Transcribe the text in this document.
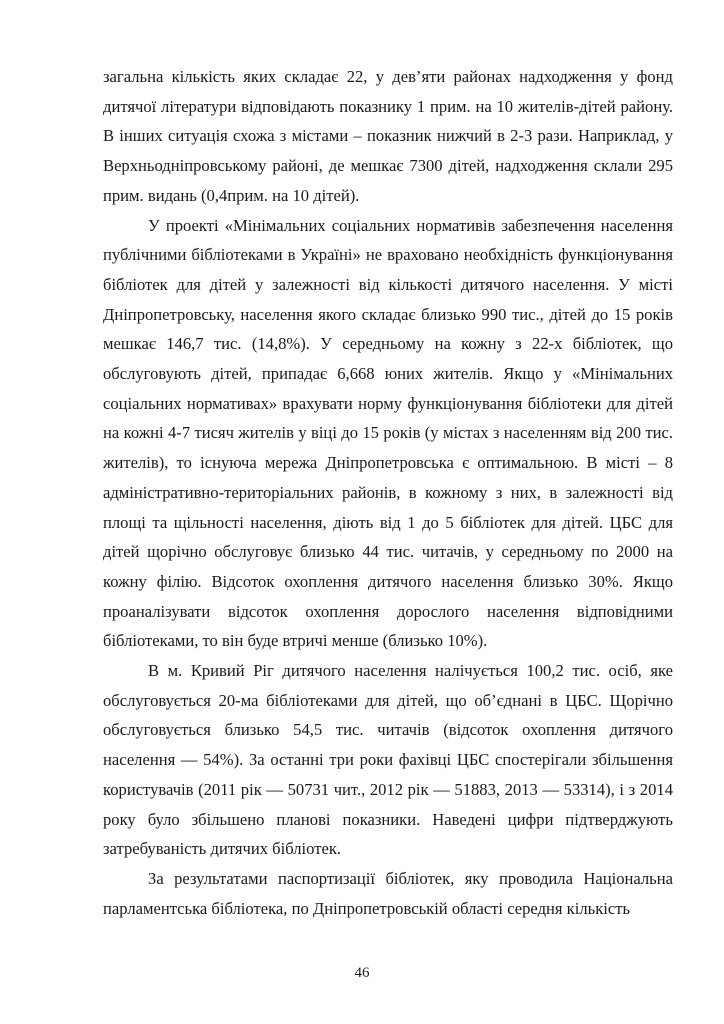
загальна кількість яких складає 22, у дев’яти районах надходження у фонд дитячої літератури відповідають показнику 1 прим. на 10 жителів-дітей району. В інших ситуація схожа з містами – показник нижчий в 2-3 рази. Наприклад, у Верхньодніпровському районі, де мешкає 7300 дітей, надходження склали 295 прим. видань (0,4прим. на 10 дітей).

У проекті «Мінімальних соціальних нормативів забезпечення населення публічними бібліотеками в Україні» не враховано необхідність функціонування бібліотек для дітей у залежності від кількості дитячого населення. У місті Дніпропетровську, населення якого складає близько 990 тис., дітей до 15 років мешкає 146,7 тис. (14,8%). У середньому на кожну з 22-х бібліотек, що обслуговують дітей, припадає 6,668 юних жителів. Якщо у «Мінімальних соціальних нормативах» врахувати норму функціонування бібліотеки для дітей на кожні 4-7 тисяч жителів у віці до 15 років (у містах з населенням від 200 тис. жителів), то існуюча мережа Дніпропетровська є оптимальною. В місті – 8 адміністративно-територіальних районів, в кожному з них, в залежності від площі та щільності населення, діють від 1 до 5 бібліотек для дітей. ЦБС для дітей щорічно обслуговує близько 44 тис. читачів, у середньому по 2000 на кожну філію. Відсоток охоплення дитячого населення близько 30%. Якщо проаналізувати відсоток охоплення дорослого населення відповідними бібліотеками, то він буде втричі менше (близько 10%).

В м. Кривий Ріг дитячого населення налічується 100,2 тис. осіб, яке обслуговується 20-ма бібліотеками для дітей, що об’єднані в ЦБС. Щорічно обслуговується близько 54,5 тис. читачів (відсоток охоплення дитячого населення — 54%). За останні три роки фахівці ЦБС спостерігали збільшення користувачів (2011 рік — 50731 чит., 2012 рік — 51883, 2013 — 53314), і з 2014 року було збільшено планові показники. Наведені цифри підтверджують затребуваність дитячих бібліотек.

За результатами паспортизації бібліотек, яку проводила Національна парламентська бібліотека, по Дніпропетровській області середня кількість

46
